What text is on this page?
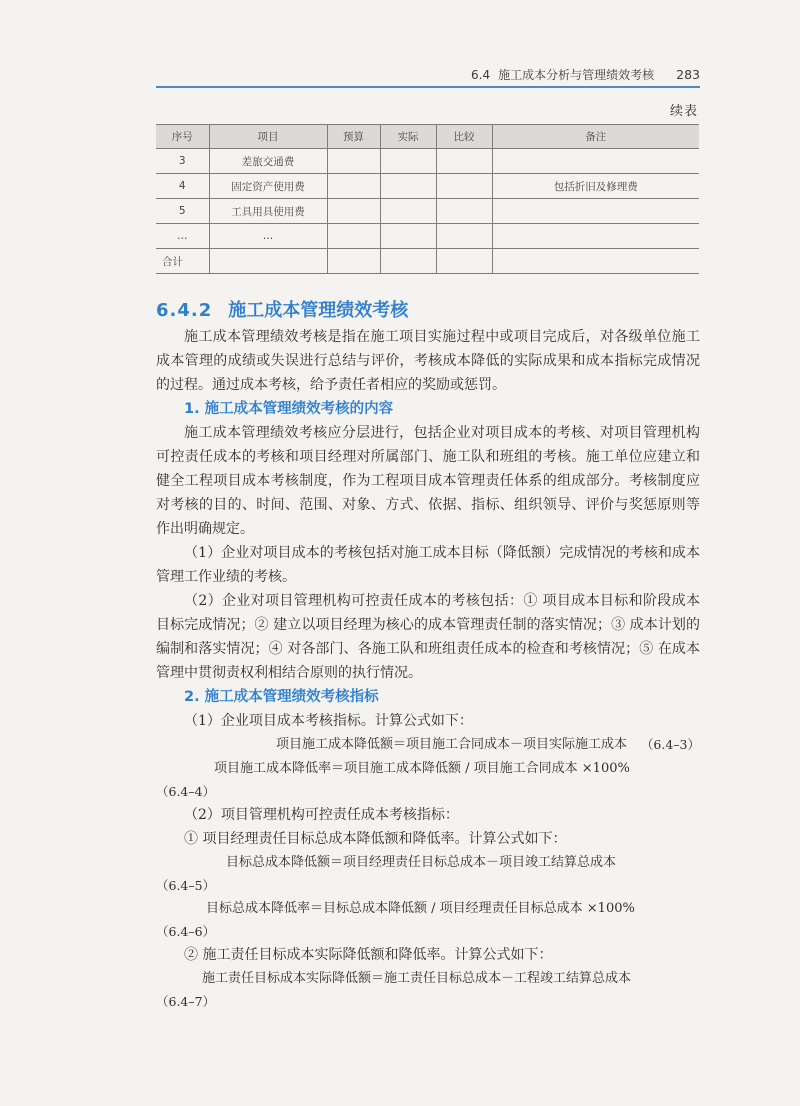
6.4 施工成本分析与管理绩效考核 283
续表
序号	项目	预算	实际	比较	备注
3	差旅交通费				
4	固定资产使用费				包括折旧及修理费
5	工具用具使用费				
…	…				
合计					
6.4.2 施工成本管理绩效考核

施工成本管理绩效考核是指在施工项目实施过程中或项目完成后，对各级单位施工成本管理的成绩或失误进行总结与评价，考核成本降低的实际成果和成本指标完成情况的过程。通过成本考核，给予责任者相应的奖励或惩罚。

1. 施工成本管理绩效考核的内容

施工成本管理绩效考核应分层进行，包括企业对项目成本的考核、对项目管理机构可控责任成本的考核和项目经理对所属部门、施工队和班组的考核。施工单位应建立和健全工程项目成本考核制度，作为工程项目成本管理责任体系的组成部分。考核制度应对考核的目的、时间、范围、对象、方式、依据、指标、组织领导、评价与奖惩原则等作出明确规定。

（1）企业对项目成本的考核包括对施工成本目标（降低额）完成情况的考核和成本管理工作业绩的考核。

（2）企业对项目管理机构可控责任成本的考核包括：① 项目成本目标和阶段成本目标完成情况；② 建立以项目经理为核心的成本管理责任制的落实情况；③ 成本计划的编制和落实情况；④ 对各部门、各施工队和班组责任成本的检查和考核情况；⑤ 在成本管理中贯彻责权利相结合原则的执行情况。

2. 施工成本管理绩效考核指标

（1）企业项目成本考核指标。计算公式如下：

项目施工成本降低额＝项目施工合同成本－项目实际施工成本 （6.4–3）

项目施工成本降低率＝项目施工成本降低额 / 项目施工合同成本 ×100%

（6.4–4）

（2）项目管理机构可控责任成本考核指标：

① 项目经理责任目标总成本降低额和降低率。计算公式如下：

目标总成本降低额＝项目经理责任目标总成本－项目竣工结算总成本

（6.4–5）

目标总成本降低率＝目标总成本降低额 / 项目经理责任目标总成本 ×100%

（6.4–6）

② 施工责任目标成本实际降低额和降低率。计算公式如下：

施工责任目标成本实际降低额＝施工责任目标总成本－工程竣工结算总成本

（6.4–7）
